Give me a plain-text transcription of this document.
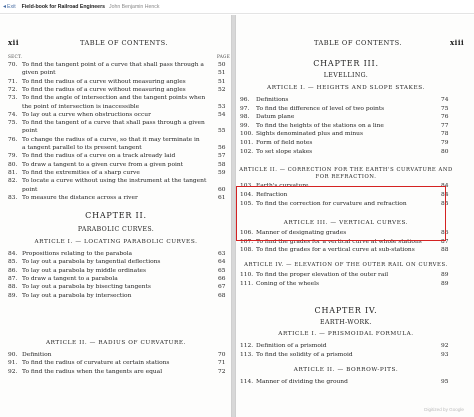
◂Exit Field-book for Railroad Engineers John Benjamin Henck
xii	TABLE OF CONTENTS.
SECT.	PAGE
70. To find the tangent point of a curve that shall pass through a 50
given point	51
71. To find the radius of a curve without measuring angles	51
72. To find the radius of a curve without measuring angles	52
73. To find the angle of intersection and the tangent points when
the point of intersection is inaccessible	53
74. To lay out a curve when obstructions occur	54
75. To find the tangent of a curve that shall pass through a given
point	55
76. To change the radius of a curve, so that it may terminate in
a tangent parallel to its present tangent	56
79. To find the radius of a curve on a track already laid	57
80. To draw a tangent to a given curve from a given point	58
81. To find the extremities of a sharp curve	59
82. To locate a curve without using the instrument at the tangent
point	60
83. To measure the distance across a river	61
CHAPTER II.
PARABOLIC CURVES.
ARTICLE I. — LOCATING PARABOLIC CURVES.
84. Propositions relating to the parabola	63
85. To lay out a parabola by tangential deflections	64
86. To lay out a parabola by middle ordinates	65
87. To draw a tangent to a parabola	66
88. To lay out a parabola by bisecting tangents	67
89. To lay out a parabola by intersection	68
ARTICLE II. — RADIUS OF CURVATURE.
90. Definition	70
91. To find the radius of curvature at certain stations	71
92. To find the radius when the tangents are equal	72
TABLE OF CONTENTS.	xiii
CHAPTER III.
LEVELLING.
ARTICLE I. — HEIGHTS AND SLOPE STAKES.
96. Definitions	74
97. To find the difference of level of two points	75
98. Datum plane	76
99. To find the heights of the stations on a line	77
100. Sights denominated plus and minus	78
101. Form of field notes	79
102. To set slope stakes	80
ARTICLE II. — CORRECTION FOR THE EARTH'S CURVATURE AND
FOR REFRACTION.
103. Earth's curvature	84
104. Refraction	84
105. To find the correction for curvature and refraction	85
ARTICLE III. — VERTICAL CURVES.
106. Manner of designating grades	86
107. To find the grades for a vertical curve at whole stations	87
108. To find the grades for a vertical curve at sub-stations	88
ARTICLE IV. — ELEVATION OF THE OUTER RAIL ON CURVES.
110. To find the proper elevation of the outer rail	89
111. Coning of the wheels	89
CHAPTER IV.
EARTH-WORK.
ARTICLE I. — PRISMOIDAL FORMULA.
112. Definition of a prismoid	92
113. To find the solidity of a prismoid	93
ARTICLE II. — BORROW-PITS.
114. Manner of dividing the ground	95
Digitized by Google
